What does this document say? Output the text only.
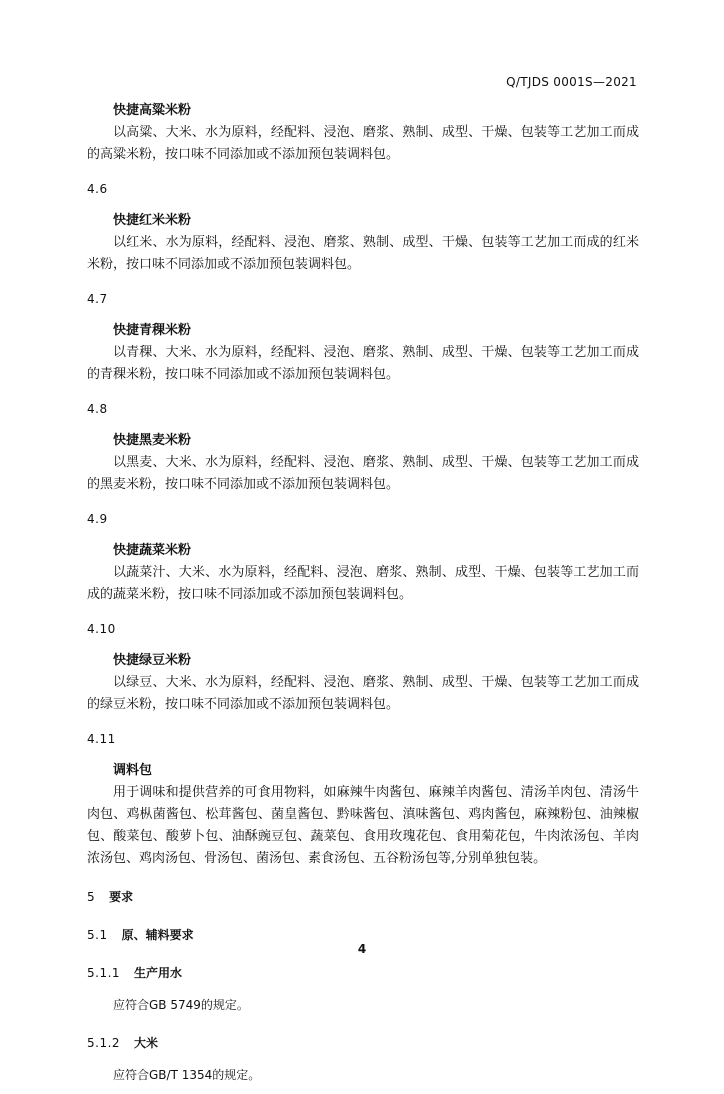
Q/TJDS 0001S—2021
快捷高粱米粉

以高粱、大米、水为原料，经配料、浸泡、磨浆、熟制、成型、干燥、包装等工艺加工而成的高粱米粉，按口味不同添加或不添加预包装调料包。

4.6
快捷红米米粉

以红米、水为原料，经配料、浸泡、磨浆、熟制、成型、干燥、包装等工艺加工而成的红米米粉，按口味不同添加或不添加预包装调料包。

4.7
快捷青稞米粉

以青稞、大米、水为原料，经配料、浸泡、磨浆、熟制、成型、干燥、包装等工艺加工而成的青稞米粉，按口味不同添加或不添加预包装调料包。

4.8
快捷黑麦米粉

以黑麦、大米、水为原料，经配料、浸泡、磨浆、熟制、成型、干燥、包装等工艺加工而成的黑麦米粉，按口味不同添加或不添加预包装调料包。

4.9
快捷蔬菜米粉

以蔬菜汁、大米、水为原料，经配料、浸泡、磨浆、熟制、成型、干燥、包装等工艺加工而成的蔬菜米粉，按口味不同添加或不添加预包装调料包。

4.10
快捷绿豆米粉

以绿豆、大米、水为原料，经配料、浸泡、磨浆、熟制、成型、干燥、包装等工艺加工而成的绿豆米粉，按口味不同添加或不添加预包装调料包。

4.11
调料包

用于调味和提供营养的可食用物料，如麻辣牛肉酱包、麻辣羊肉酱包、清汤羊肉包、清汤牛肉包、鸡枞菌酱包、松茸酱包、菌皇酱包、黔味酱包、滇味酱包、鸡肉酱包，麻辣粉包、油辣椒包、酸菜包、酸萝卜包、油酥豌豆包、蔬菜包、食用玫瑰花包、食用菊花包，牛肉浓汤包、羊肉浓汤包、鸡肉汤包、骨汤包、菌汤包、素食汤包、五谷粉汤包等,分别单独包装。

5 要求
5.1 原、辅料要求
5.1.1 生产用水

应符合GB 5749的规定。

5.1.2 大米

应符合GB/T 1354的规定。

4
